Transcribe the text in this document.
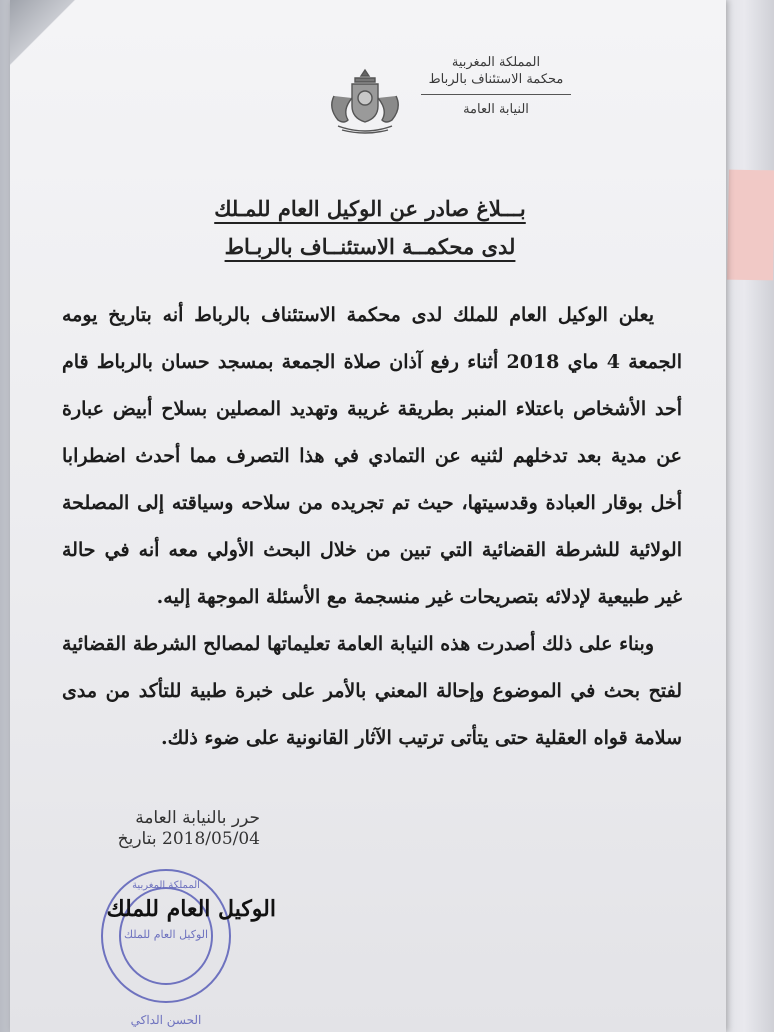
المملكة المغربية
محكمة الاستئناف بالرباط
النيابة العامة
بـــلاغ صادر عن الوكيل العام للمـلك
لدى محكمــة الاستئنــاف بالربـاط

يعلن الوكيل العام للملك لدى محكمة الاستئناف بالرباط أنه بتاريخ يومه الجمعة 4 ماي 2018 أثناء رفع آذان صلاة الجمعة بمسجد حسان بالرباط قام أحد الأشخاص باعتلاء المنبر بطريقة غريبة وتهديد المصلين بسلاح أبيض عبارة عن مدية بعد تدخلهم لثنيه عن التمادي في هذا التصرف مما أحدث اضطرابا أخل بوقار العبادة وقدسيتها، حيث تم تجريده من سلاحه وسياقته إلى المصلحة الولائية للشرطة القضائية التي تبين من خلال البحث الأولي معه أنه في حالة غير طبيعية لإدلائه بتصريحات غير منسجمة مع الأسئلة الموجهة إليه.

وبناء على ذلك أصدرت هذه النيابة العامة تعليماتها لمصالح الشرطة القضائية لفتح بحث في الموضوع وإحالة المعني بالأمر على خبرة طبية للتأكد من مدى سلامة قواه العقلية حتى يتأتى ترتيب الآثار القانونية على ضوء ذلك.

حرر بالنيابة العامة
2018/05/04 بتاريخ
المملكة المغربية
الوكيل العام للملك
الحسن الداكي
الوكيل العام للملك
